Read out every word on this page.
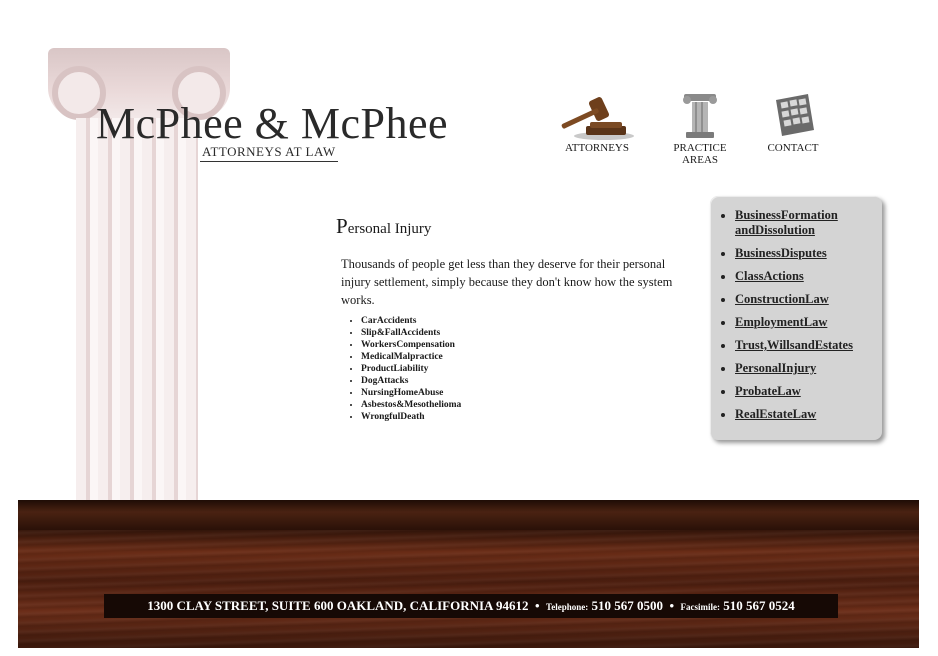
McPhee & McPhee
ATTORNEYS AT LAW	ATTORNEYS	PRACTICE
AREAS
CONTACT
Personal Injury

Thousands of people get less than they deserve for their personal injury settlement, simply because they don't know how the system works.

• CarAccidents
• Slip&FallAccidents
• WorkersCompensation
• MedicalMalpractice
• ProductLiability
• DogAttacks
• NursingHomeAbuse
• Asbestos&Mesothelioma
• WrongfulDeath
• BusinessFormation andDissolution
• BusinessDisputes
• ClassActions
• ConstructionLaw
• EmploymentLaw
• Trust,WillsandEstates
• PersonalInjury
• ProbateLaw
• RealEstateLaw
1300 CLAY STREET, SUITE 600 OAKLAND, CALIFORNIA 94612 • Telephone: 510 567 0500 • Facsimile: 510 567 0524
